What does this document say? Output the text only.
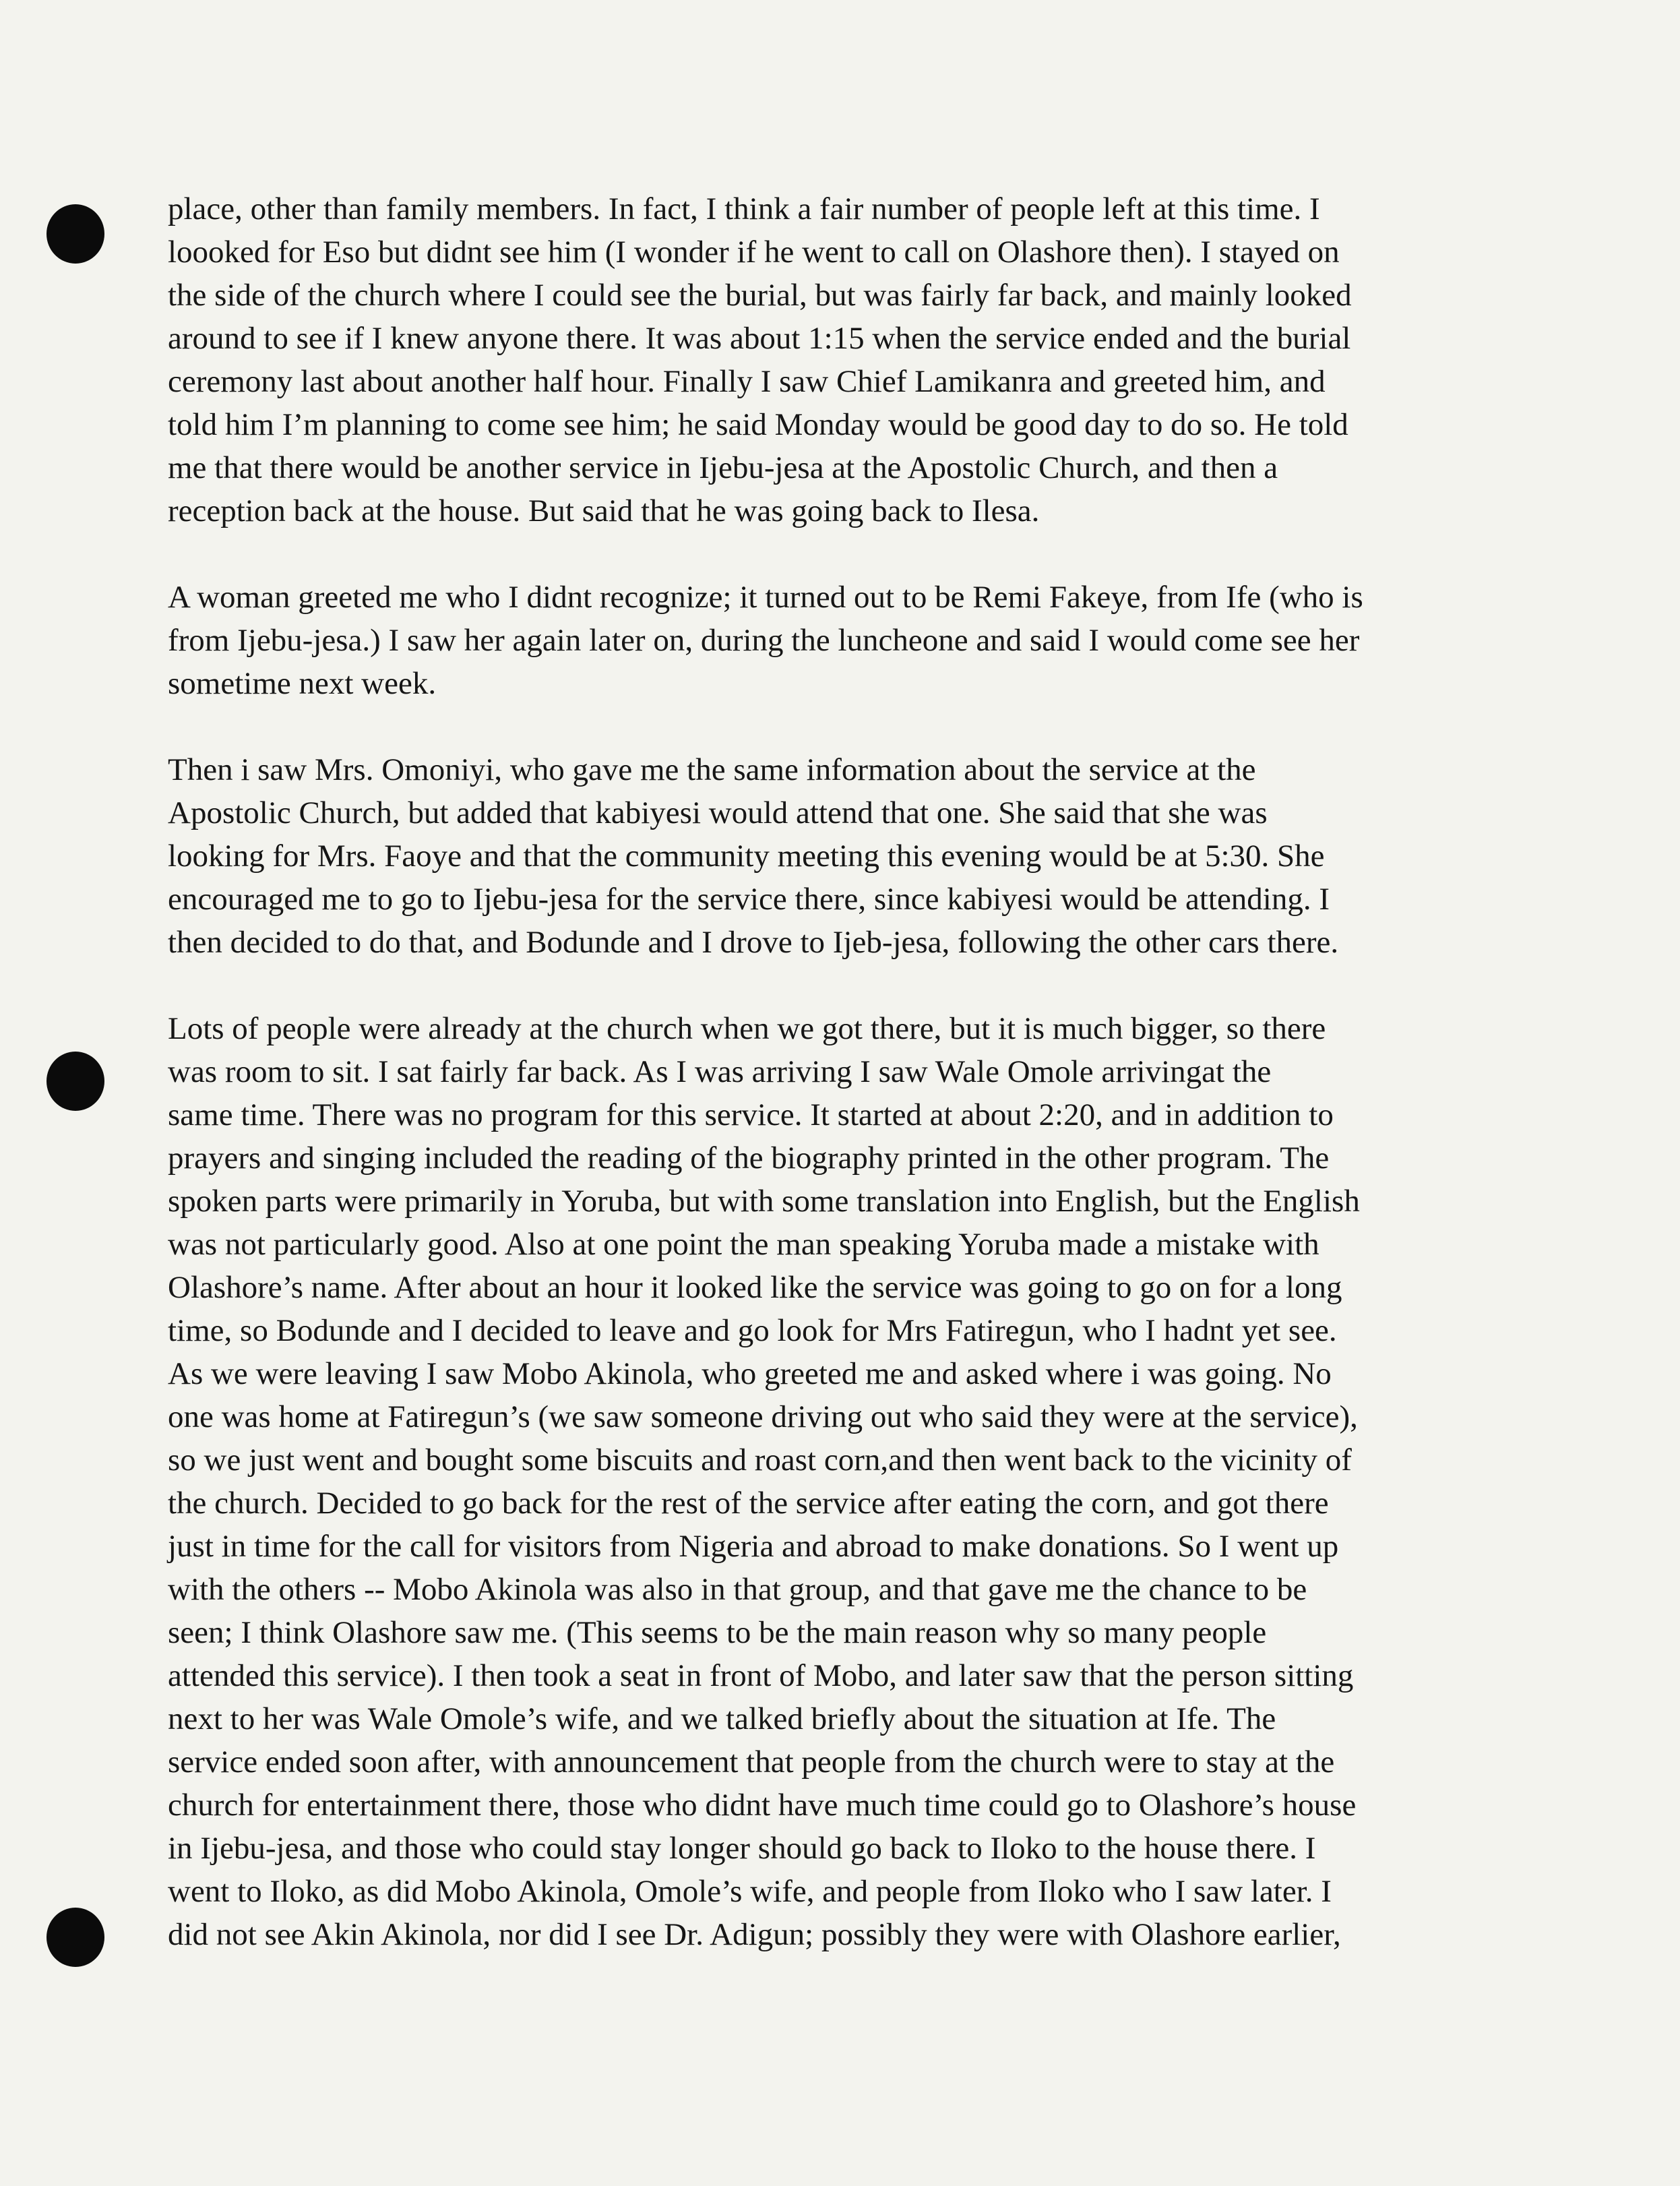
place, other than family members. In fact, I think a fair number of people left at this time. I
loooked for Eso but didnt see him (I wonder if he went to call on Olashore then). I stayed on
the side of the church where I could see the burial, but was fairly far back, and mainly looked
around to see if I knew anyone there. It was about 1:15 when the service ended and the burial
ceremony last about another half hour. Finally I saw Chief Lamikanra and greeted him, and
told him I’m planning to come see him; he said Monday would be good day to do so. He told
me that there would be another service in Ijebu-jesa at the Apostolic Church, and then a
reception back at the house. But said that he was going back to Ilesa.

A woman greeted me who I didnt recognize; it turned out to be Remi Fakeye, from Ife (who is
from Ijebu-jesa.) I saw her again later on, during the luncheone and said I would come see her
sometime next week.

Then i saw Mrs. Omoniyi, who gave me the same information about the service at the
Apostolic Church, but added that kabiyesi would attend that one. She said that she was
looking for Mrs. Faoye and that the community meeting this evening would be at 5:30. She
encouraged me to go to Ijebu-jesa for the service there, since kabiyesi would be attending. I
then decided to do that, and Bodunde and I drove to Ijeb-jesa, following the other cars there.

Lots of people were already at the church when we got there, but it is much bigger, so there
was room to sit. I sat fairly far back. As I was arriving I saw Wale Omole arrivingat the
same time. There was no program for this service. It started at about 2:20, and in addition to
prayers and singing included the reading of the biography printed in the other program. The
spoken parts were primarily in Yoruba, but with some translation into English, but the English
was not particularly good. Also at one point the man speaking Yoruba made a mistake with
Olashore’s name. After about an hour it looked like the service was going to go on for a long
time, so Bodunde and I decided to leave and go look for Mrs Fatiregun, who I hadnt yet see.
As we were leaving I saw Mobo Akinola, who greeted me and asked where i was going. No
one was home at Fatiregun’s (we saw someone driving out who said they were at the service),
so we just went and bought some biscuits and roast corn,and then went back to the vicinity of
the church. Decided to go back for the rest of the service after eating the corn, and got there
just in time for the call for visitors from Nigeria and abroad to make donations. So I went up
with the others -- Mobo Akinola was also in that group, and that gave me the chance to be
seen; I think Olashore saw me. (This seems to be the main reason why so many people
attended this service). I then took a seat in front of Mobo, and later saw that the person sitting
next to her was Wale Omole’s wife, and we talked briefly about the situation at Ife. The
service ended soon after, with announcement that people from the church were to stay at the
church for entertainment there, those who didnt have much time could go to Olashore’s house
in Ijebu-jesa, and those who could stay longer should go back to Iloko to the house there. I
went to Iloko, as did Mobo Akinola, Omole’s wife, and people from Iloko who I saw later. I
did not see Akin Akinola, nor did I see Dr. Adigun; possibly they were with Olashore earlier,
